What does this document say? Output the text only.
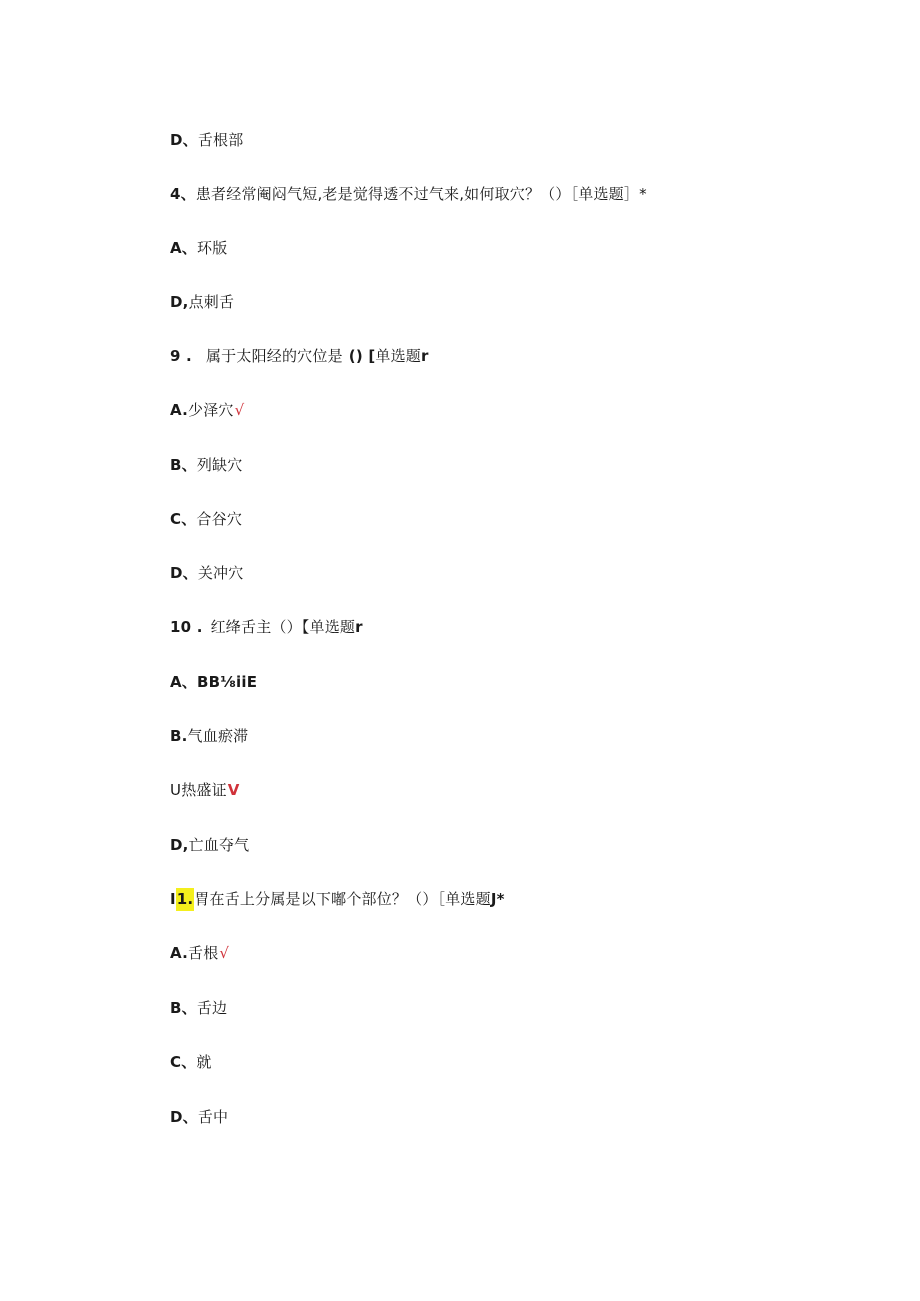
D、舌根部
4、患者经常阉闷气短,老是觉得透不过气来,如何取穴？（）［单选题］*
A、环版
D,点刺舌
9 . 属于太阳经的穴位是 () [单选题r
A.少泽穴√
B、列缺穴
C、合谷穴
D、关冲穴
10 . 红绛舌主（）【单选题r
A、BB⅛iiE
B.气血瘀滞
U热盛证V
D,亡血夺气
I1.胃在舌上分属是以下嘟个部位？（）［单选题J*
A.舌根√
B、舌边
C、就
D、舌中
